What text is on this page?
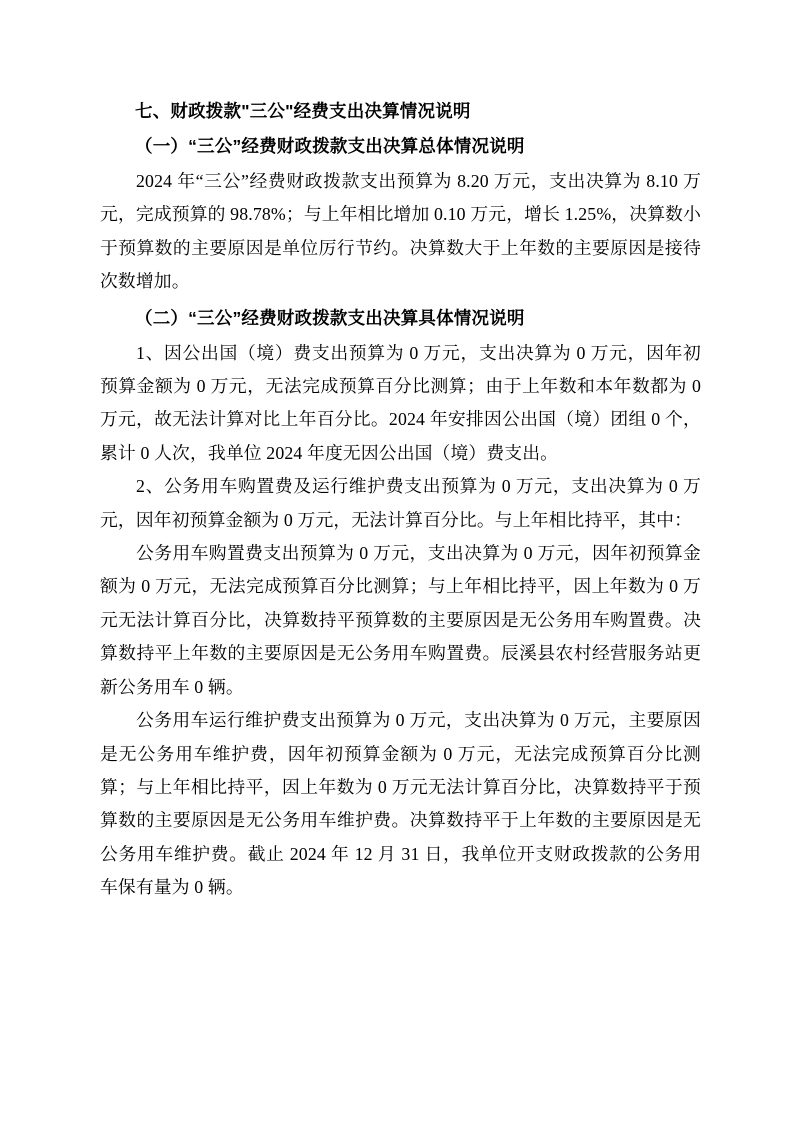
七、财政拨款"三公"经费支出决算情况说明
（一）“三公”经费财政拨款支出决算总体情况说明

2024 年“三公”经费财政拨款支出预算为 8.20 万元，支出决算为 8.10 万元，完成预算的 98.78%；与上年相比增加 0.10 万元，增长 1.25%，决算数小于预算数的主要原因是单位厉行节约。决算数大于上年数的主要原因是接待次数增加。

（二）“三公”经费财政拨款支出决算具体情况说明

1、因公出国（境）费支出预算为 0 万元，支出决算为 0 万元，因年初预算金额为 0 万元，无法完成预算百分比测算；由于上年数和本年数都为 0 万元，故无法计算对比上年百分比。2024 年安排因公出国（境）团组 0 个，累计 0 人次，我单位 2024 年度无因公出国（境）费支出。

2、公务用车购置费及运行维护费支出预算为 0 万元，支出决算为 0 万元，因年初预算金额为 0 万元，无法计算百分比。与上年相比持平，其中：

公务用车购置费支出预算为 0 万元，支出决算为 0 万元，因年初预算金额为 0 万元，无法完成预算百分比测算；与上年相比持平，因上年数为 0 万元无法计算百分比，决算数持平预算数的主要原因是无公务用车购置费。决算数持平上年数的主要原因是无公务用车购置费。辰溪县农村经营服务站更新公务用车 0 辆。

公务用车运行维护费支出预算为 0 万元，支出决算为 0 万元，主要原因是无公务用车维护费，因年初预算金额为 0 万元，无法完成预算百分比测算；与上年相比持平，因上年数为 0 万元无法计算百分比，决算数持平于预算数的主要原因是无公务用车维护费。决算数持平于上年数的主要原因是无公务用车维护费。截止 2024 年 12 月 31 日，我单位开支财政拨款的公务用车保有量为 0 辆。
